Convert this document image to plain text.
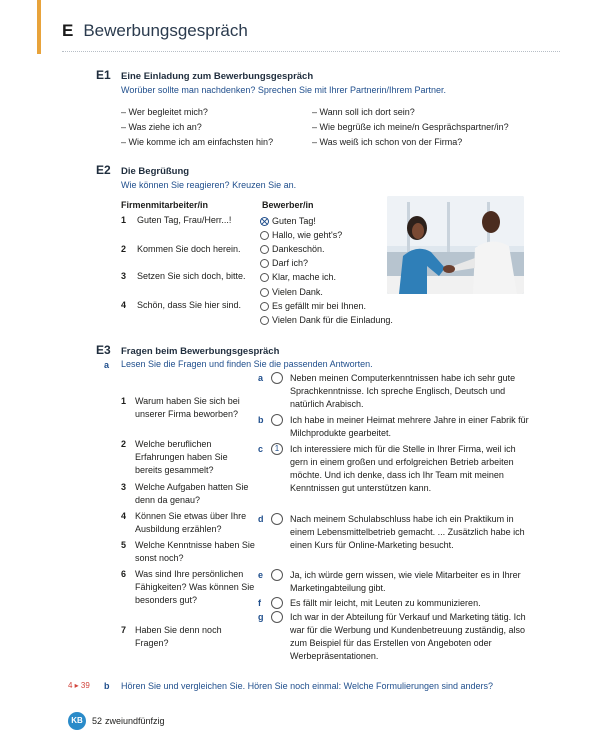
E Bewerbungsgespräch
E1 Eine Einladung zum Bewerbungsgespräch
Worüber sollte man nachdenken? Sprechen Sie mit Ihrer Partnerin/Ihrem Partner.
– Wer begleitet mich?
– Was ziehe ich an?
– Wie komme ich am einfachsten hin?
– Wann soll ich dort sein?
– Wie begrüße ich meine/n Gesprächspartner/in?
– Was weiß ich schon von der Firma?
E2 Die Begrüßung
Wie können Sie reagieren? Kreuzen Sie an.
Firmenmitarbeiter/in	Bewerber/in
1	Guten Tag, Frau/Herr...!
2	Kommen Sie doch herein.
3	Setzen Sie sich doch, bitte.
4	Schön, dass Sie hier sind.
Guten Tag!
Hallo, wie geht's?
Dankeschön.
Darf ich?
Klar, mache ich.
Vielen Dank.
Es gefällt mir bei Ihnen.
Vielen Dank für die Einladung.
E3 Fragen beim Bewerbungsgespräch
a Lesen Sie die Fragen und finden Sie die passenden Antworten.
1 Warum haben Sie sich bei unserer Firma beworben?
2 Welche beruflichen Erfahrungen haben Sie bereits gesammelt?
3 Welche Aufgaben hatten Sie denn da genau?
4 Können Sie etwas über Ihre Ausbildung erzählen?
5 Welche Kenntnisse haben Sie sonst noch?
6 Was sind Ihre persönlichen Fähigkeiten? Was können Sie besonders gut?
7 Haben Sie denn noch Fragen?
a	Neben meinen Computerkenntnissen habe ich sehr gute Sprachkenntnisse. Ich spreche Englisch, Deutsch und natürlich Arabisch.
b	Ich habe in meiner Heimat mehrere Jahre in einer Fabrik für Milchprodukte gearbeitet.
c	1	Ich interessiere mich für die Stelle in Ihrer Firma, weil ich gern in einem großen und erfolgreichen Betrieb arbeiten möchte. Und ich denke, dass ich Ihr Team mit meinen Kenntnissen gut unterstützen kann.
d	Nach meinem Schulabschluss habe ich ein Praktikum in einem Lebensmittelbetrieb gemacht. ... Zusätzlich habe ich einen Kurs für Online-Marketing besucht.
e	Ja, ich würde gern wissen, wie viele Mitarbeiter es in Ihrer Marketingabteilung gibt.
f	Es fällt mir leicht, mit Leuten zu kommunizieren.
g	Ich war in der Abteilung für Verkauf und Marketing tätig. Ich war für die Werbung und Kundenbetreuung zuständig, also zum Beispiel für das Erstellen von Angeboten oder Werbepräsentationen.
4 ▸ 39 b Hören Sie und vergleichen Sie. Hören Sie noch einmal: Welche Formulierungen sind anders?
KB	52 zweiundfünfzig
